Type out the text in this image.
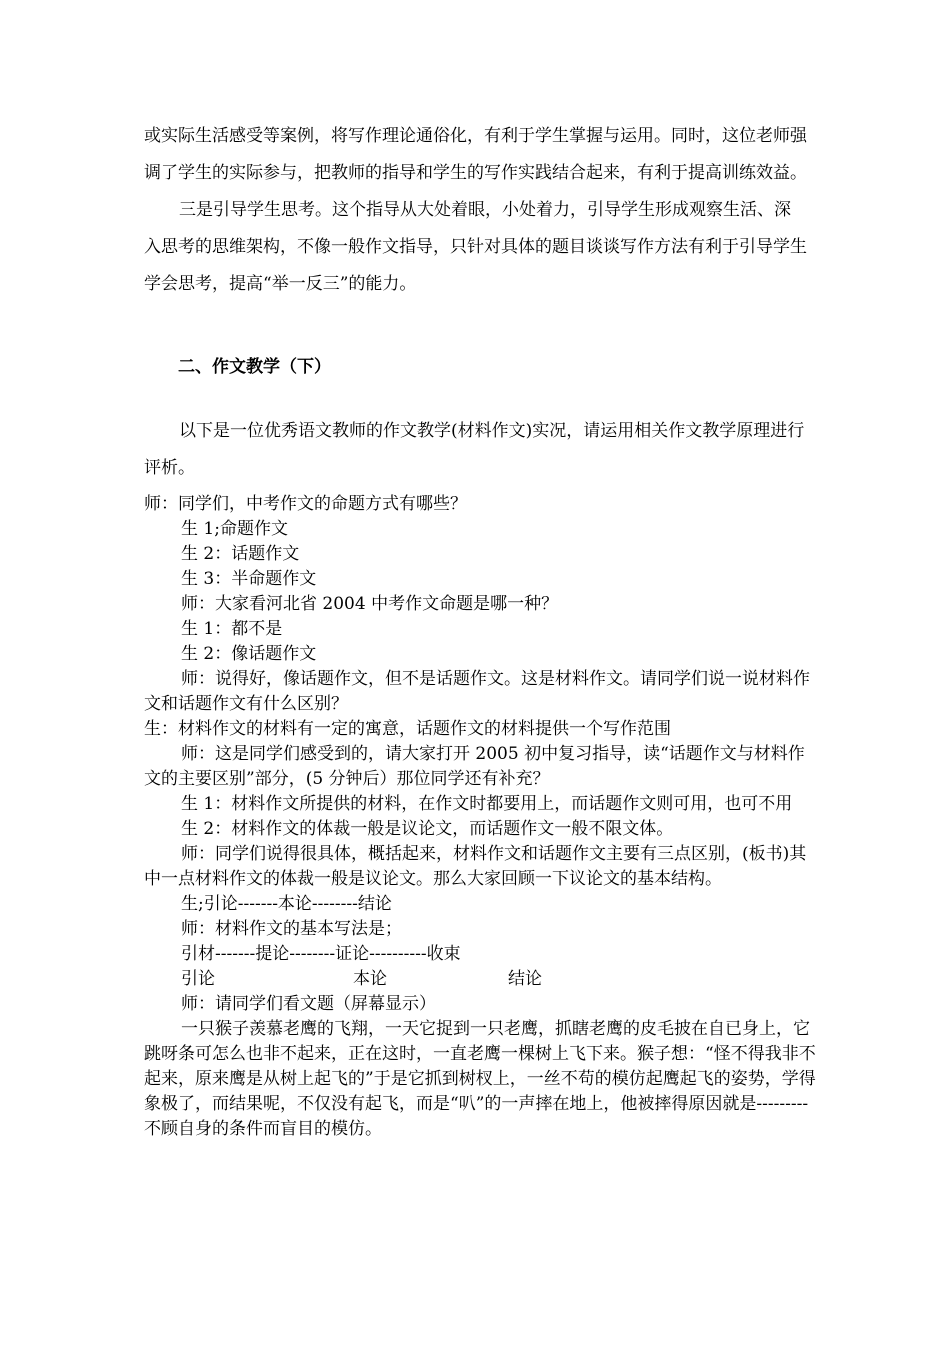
或实际生活感受等案例，将写作理论通俗化，有利于学生掌握与运用。同时，这位老师强调了学生的实际参与，把教师的指导和学生的写作实践结合起来，有利于提高训练效益。

三是引导学生思考。这个指导从大处着眼，小处着力，引导学生形成观察生活、深入思考的思维架构，不像一般作文指导，只针对具体的题目谈谈写作方法有利于引导学生学会思考，提高“举一反三”的能力。

二、作文教学（下）

以下是一位优秀语文教师的作文教学(材料作文)实况，请运用相关作文教学原理进行评析。

师：同学们，中考作文的命题方式有哪些？

生 1;命题作文

生 2：话题作文

生 3：半命题作文

师：大家看河北省 2004 中考作文命题是哪一种？

生 1：都不是

生 2：像话题作文

师：说得好，像话题作文，但不是话题作文。这是材料作文。请同学们说一说材料作文和话题作文有什么区别？

生：材料作文的材料有一定的寓意，话题作文的材料提供一个写作范围

师：这是同学们感受到的，请大家打开 2005 初中复习指导，读“话题作文与材料作文的主要区别”部分，(5 分钟后）那位同学还有补充？

生 1：材料作文所提供的材料，在作文时都要用上，而话题作文则可用，也可不用

生 2：材料作文的体裁一般是议论文，而话题作文一般不限文体。

师：同学们说得很具体，概括起来，材料作文和话题作文主要有三点区别，(板书)其中一点材料作文的体裁一般是议论文。那么大家回顾一下议论文的基本结构。

生;引论-------本论--------结论

师：材料作文的基本写法是；

引材-------提论--------证论----------收束

引论	本论	结论

师：请同学们看文题（屏幕显示）

一只猴子羡慕老鹰的飞翔，一天它捉到一只老鹰，抓瞎老鹰的皮毛披在自已身上，它跳呀条可怎么也非不起来，正在这时，一直老鹰一棵树上飞下来。猴子想：“怪不得我非不起来，原来鹰是从树上起飞的”于是它抓到树杈上，一丝不苟的模仿起鹰起飞的姿势，学得象极了，而结果呢，不仅没有起飞，而是“叭”的一声摔在地上，他被摔得原因就是---------不顾自身的条件而盲目的模仿。
